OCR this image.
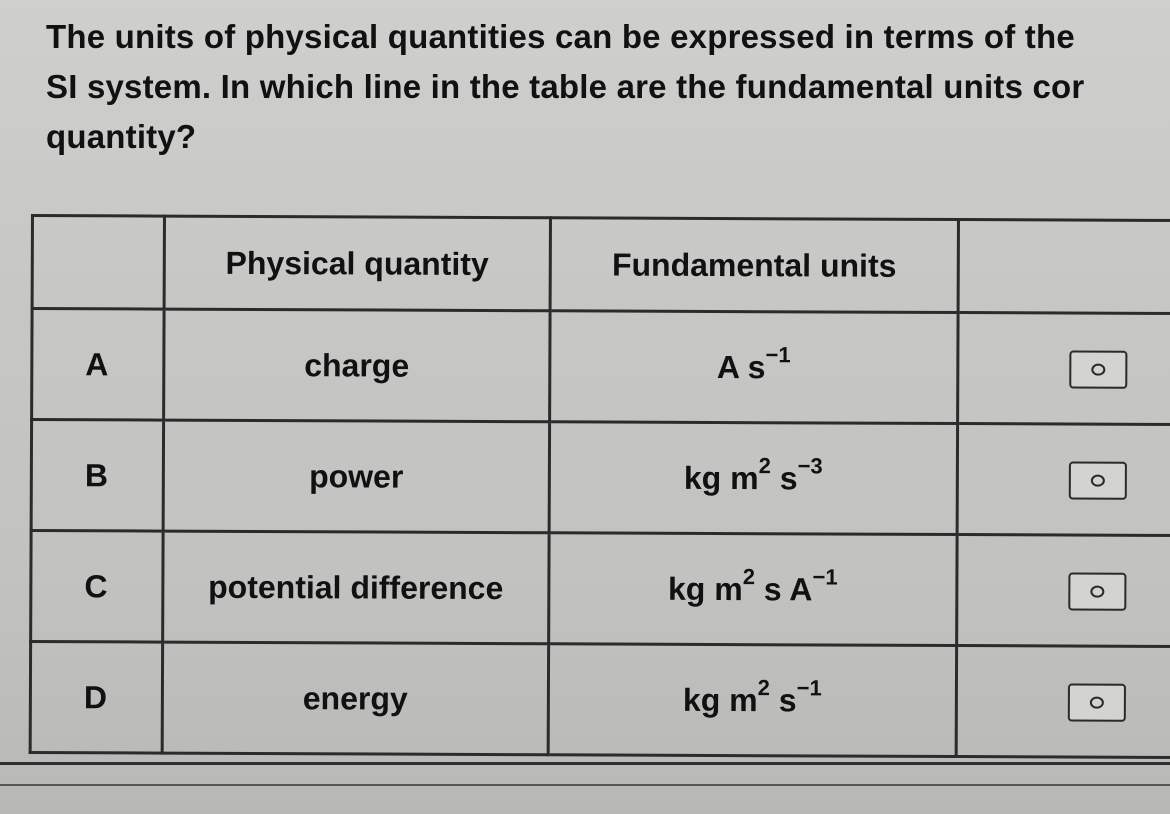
The units of physical quantities can be expressed in terms of the
SI system. In which line in the table are the fundamental units cor
quantity?
	Physical quantity	Fundamental units	
A	charge	A $s^{-1}$	
B	power	kg $m^2$ $s^{-3}$	
C	potential difference	kg $m^2$ s $A^{-1}$	
D	energy	kg $m^2$ $s^{-1}$	
